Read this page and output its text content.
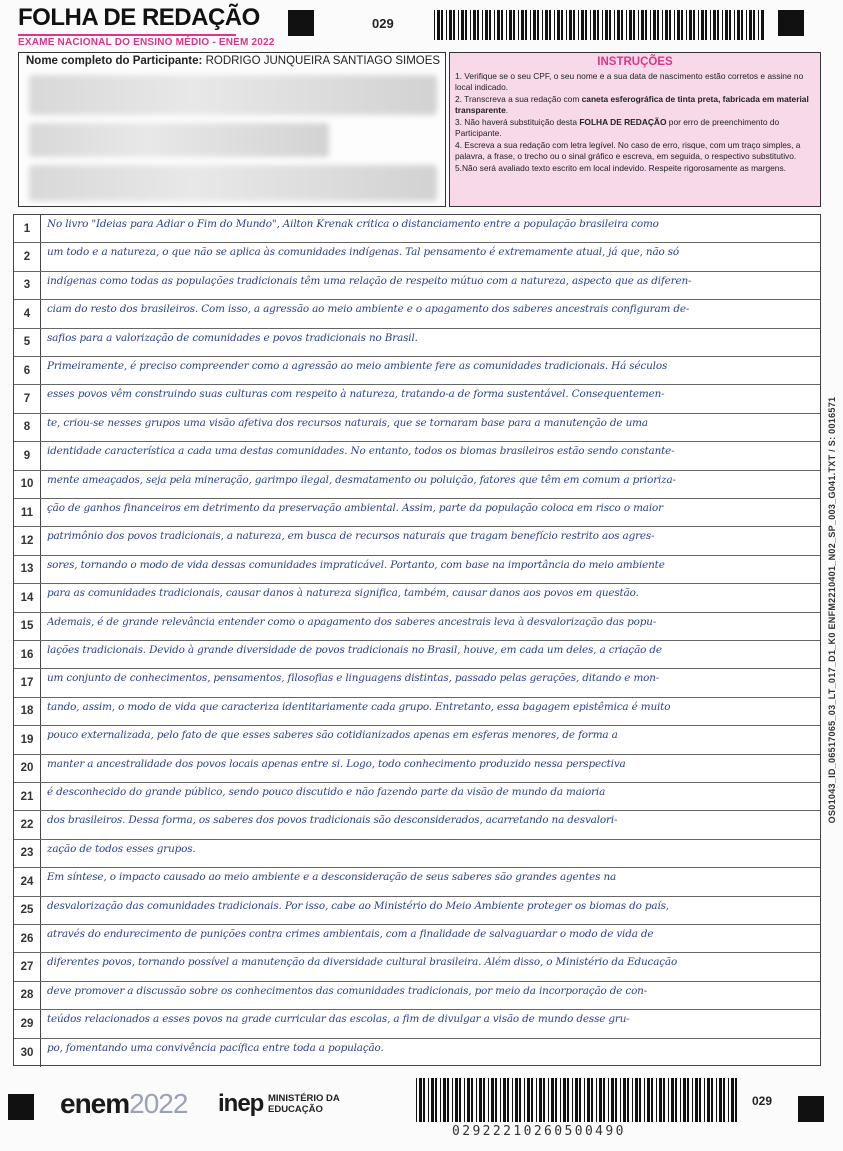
FOLHA DE REDAÇÃO
EXAME NACIONAL DO ENSINO MÉDIO - ENEM 2022
029
Nome completo do Participante: RODRIGO JUNQUEIRA SANTIAGO SIMOES	INSTRUÇÕES
1. Verifique se o seu CPF, o seu nome e a sua data de nascimento estão corretos e assine no local indicado.
2. Transcreva a sua redação com caneta esferográfica de tinta preta, fabricada em material transparente.
3. Não haverá substituição desta FOLHA DE REDAÇÃO por erro de preenchimento do Participante.
4. Escreva a sua redação com letra legível. No caso de erro, risque, com um traço simples, a palavra, a frase, o trecho ou o sinal gráfico e escreva, em seguida, o respectivo substitutivo.
5.Não será avaliado texto escrito em local indevido. Respeite rigorosamente as margens.
1	No livro "Ideias para Adiar o Fim do Mundo", Ailton Krenak critica o distanciamento entre a população brasileira como
2	um todo e a natureza, o que não se aplica às comunidades indígenas. Tal pensamento é extremamente atual, já que, não só
3	indígenas como todas as populações tradicionais têm uma relação de respeito mútuo com a natureza, aspecto que as diferen-
4	ciam do resto dos brasileiros. Com isso, a agressão ao meio ambiente e o apagamento dos saberes ancestrais configuram de-
5	safios para a valorização de comunidades e povos tradicionais no Brasil.
6	Primeiramente, é preciso compreender como a agressão ao meio ambiente fere as comunidades tradicionais. Há séculos
7	esses povos vêm construindo suas culturas com respeito à natureza, tratando-a de forma sustentável. Consequentemen-
8	te, criou-se nesses grupos uma visão afetiva dos recursos naturais, que se tornaram base para a manutenção de uma
9	identidade característica a cada uma destas comunidades. No entanto, todos os biomas brasileiros estão sendo constante-
10	mente ameaçados, seja pela mineração, garimpo ilegal, desmatamento ou poluição, fatores que têm em comum a prioriza-
11	ção de ganhos financeiros em detrimento da preservação ambiental. Assim, parte da população coloca em risco o maior
12	patrimônio dos povos tradicionais, a natureza, em busca de recursos naturais que tragam benefício restrito aos agres-
13	sores, tornando o modo de vida dessas comunidades impraticável. Portanto, com base na importância do meio ambiente
14	para as comunidades tradicionais, causar danos à natureza significa, também, causar danos aos povos em questão.
15	Ademais, é de grande relevância entender como o apagamento dos saberes ancestrais leva à desvalorização das popu-
16	lações tradicionais. Devido à grande diversidade de povos tradicionais no Brasil, houve, em cada um deles, a criação de
17	um conjunto de conhecimentos, pensamentos, filosofias e linguagens distintas, passado pelas gerações, ditando e mon-
18	tando, assim, o modo de vida que caracteriza identitariamente cada grupo. Entretanto, essa bagagem epistêmica é muito
19	pouco externalizada, pelo fato de que esses saberes são cotidianizados apenas em esferas menores, de forma a
20	manter a ancestralidade dos povos locais apenas entre si. Logo, todo conhecimento produzido nessa perspectiva
21	é desconhecido do grande público, sendo pouco discutido e não fazendo parte da visão de mundo da maioria
22	dos brasileiros. Dessa forma, os saberes dos povos tradicionais são desconsiderados, acarretando na desvalori-
23	zação de todos esses grupos.
24	Em síntese, o impacto causado ao meio ambiente e a desconsideração de seus saberes são grandes agentes na
25	desvalorização das comunidades tradicionais. Por isso, cabe ao Ministério do Meio Ambiente proteger os biomas do país,
26	através do endurecimento de punições contra crimes ambientais, com a finalidade de salvaguardar o modo de vida de
27	diferentes povos, tornando possível a manutenção da diversidade cultural brasileira. Além disso, o Ministério da Educação
28	deve promover a discussão sobre os conhecimentos das comunidades tradicionais, por meio da incorporação de con-
29	teúdos relacionados a esses povos na grade curricular das escolas, a fim de divulgar a visão de mundo desse gru-
30	po, fomentando uma convivência pacífica entre toda a população.
OS01043_ID_06517065_03_LT_017_D1_K0 ENFM2210401_N02_SP_003_G041.TXT / S: 0016571
enem2022 inep MINISTÉRIO DA
EDUCAÇÃO
029
02922210260500490
